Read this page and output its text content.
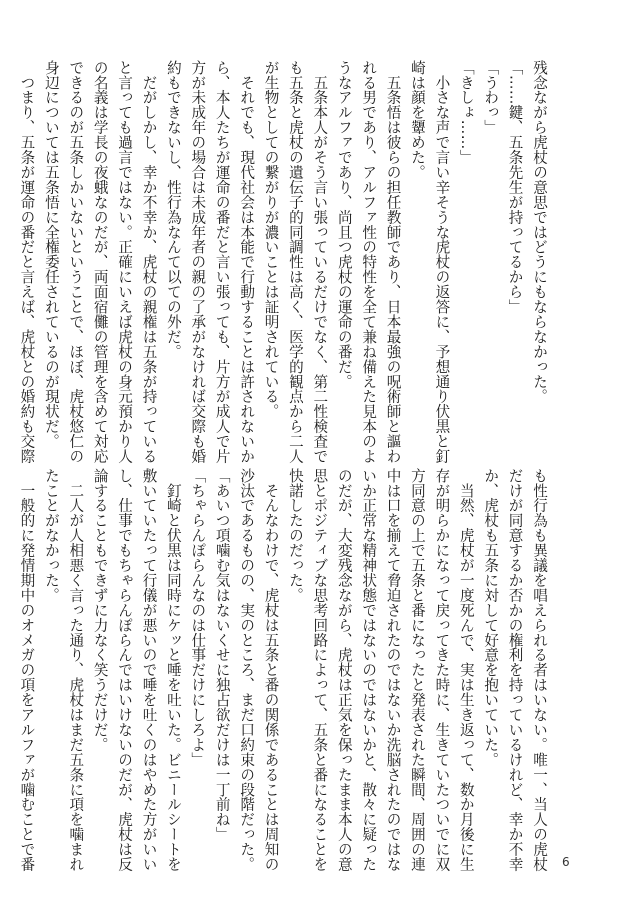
残念ながら虎杖の意思ではどうにもならなかった。
「……鍵、五条先生が持ってるから」
「うわっ」
「きしょ……」
　小さな声で言い辛そうな虎杖の返答に、予想通り伏黒と釘
崎は顔を顰めた。
　五条悟は彼らの担任教師であり、日本最強の呪術師と謳わ
れる男であり、アルファ性の特性を全て兼ね備えた見本のよ
うなアルファであり、尚且つ虎杖の運命の番だ。
　五条本人がそう言い張っているだけでなく、第二性検査で
も五条と虎杖の遺伝子的同調性は高く、医学的観点から二人
が生物としての繋がりが濃いことは証明されている。
　それでも、現代社会は本能で行動することは許されないか
ら、本人たちが運命の番だと言い張っても、片方が成人で片
方が未成年の場合は未成年者の親の了承がなければ交際も婚
約もできないし、性行為なんて以ての外だ。
　だがしかし、幸か不幸か、虎杖の親権は五条が持っている
と言っても過言ではない。正確にいえば虎杖の身元預かり人
の名義は学長の夜蛾なのだが、両面宿儺の管理を含めて対応
できるのが五条しかいないということで、ほぼ、虎杖悠仁の
身辺については五条悟に全権委任されているのが現状だ。
　つまり、五条が運命の番だと言えば、虎杖との婚約も交際
も性行為も異議を唱えられる者はいない。唯一、当人の虎杖
だけが同意するか否かの権利を持っているけれど、幸か不幸
か、虎杖も五条に対して好意を抱いていた。
　当然、虎杖が一度死んで、実は生き返って、数か月後に生
存が明らかになって戻ってきた時に、生きていたついでに双
方同意の上で五条と番になったと発表された瞬間、周囲の連
中は口を揃えて脅迫されたのではないか洗脳されたのではな
いか正常な精神状態ではないのではないかと、散々に疑った
のだが、大変残念ながら、虎杖は正気を保ったまま本人の意
思とポジティブな思考回路によって、五条と番になることを
快諾したのだった。
　そんなわけで、虎杖は五条と番の関係であることは周知の
沙汰であるものの、実のところ、まだ口約束の段階だった。
「あいつ項噛む気はないくせに独占欲だけは一丁前ね」
「ちゃらんぽらんなのは仕事だけにしろよ」
　釘崎と伏黒は同時にケッと唾を吐いた。ビニールシートを
敷いていたって行儀が悪いので唾を吐くのはやめた方がいい
し、仕事でもちゃらんぽらんではいけないのだが、虎杖は反
論することもできずに力なく笑うだけだ。
　二人が人相悪く言った通り、虎杖はまだ五条に項を噛まれ
たことがなかった。
　一般的に発情期中のオメガの項をアルファが噛むことで番	6
